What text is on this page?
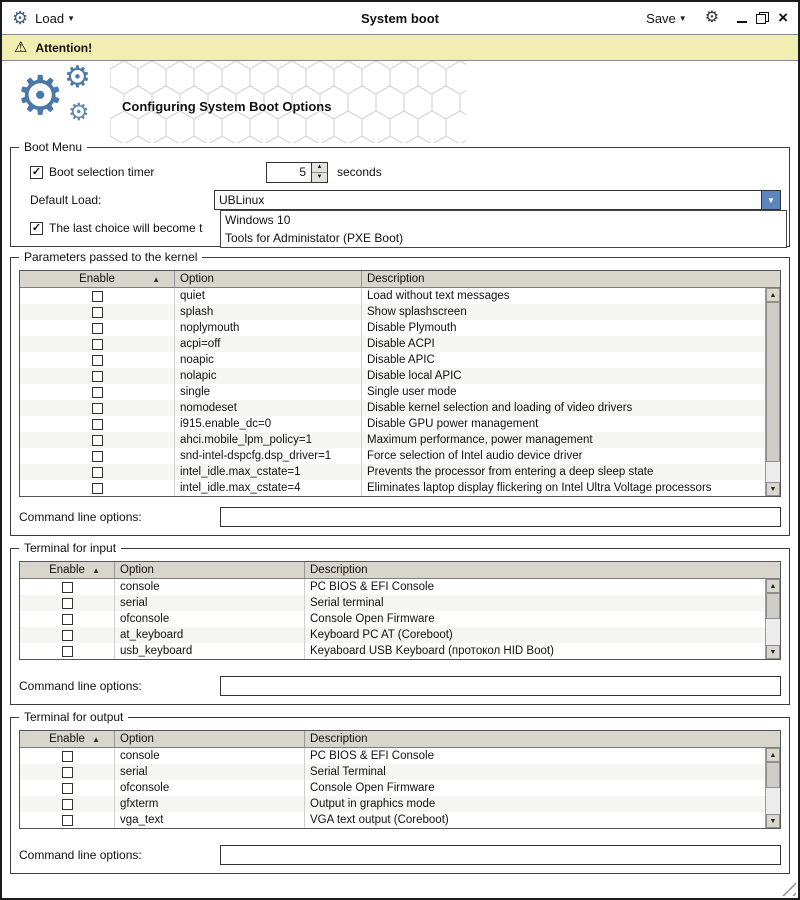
⚙ Load ▼	System boot	Save ▼ ⚙	×
⚠ Attention!
⚙ ⚙
⚙ Configuring System Boot Options
Boot Menu
✓
Boot selection timer	5	▲
▼	seconds
Default Load:	UBLinux	▼
✓
The last choice will become t
Windows 10
Tools for Administator (PXE Boot)
Parameters passed to the kernel
Enable	▲ Option	Description
▲
▼
quiet	Load without text messages
splash	Show splashscreen
noplymouth	Disable Plymouth
acpi=off	Disable ACPI
noapic	Disable APIC
nolapic	Disable local APIC
single	Single user mode
nomodeset	Disable kernel selection and loading of video drivers
i915.enable_dc=0	Disable GPU power management
ahci.mobile_lpm_policy=1	Maximum performance, power management
snd-intel-dspcfg.dsp_driver=1	Force selection of Intel audio device driver
intel_idle.max_cstate=1	Prevents the processor from entering a deep sleep state
intel_idle.max_cstate=4	Eliminates laptop display flickering on Intel Ultra Voltage processors
Command line options:
Terminal for input
Enable ▲ Option	Description
▲
▼
console	PC BIOS & EFI Console
serial	Serial terminal
ofconsole	Console Open Firmware
at_keyboard	Keyboard PC AT (Coreboot)
usb_keyboard	Keyaboard USB Keyboard (протокол HID Boot)
Command line options:
Terminal for output
Enable ▲ Option	Description
▲
▼
console	PC BIOS & EFI Console
serial	Serial Terminal
ofconsole	Console Open Firmware
gfxterm	Output in graphics mode
vga_text	VGA text output (Coreboot)
Command line options:
